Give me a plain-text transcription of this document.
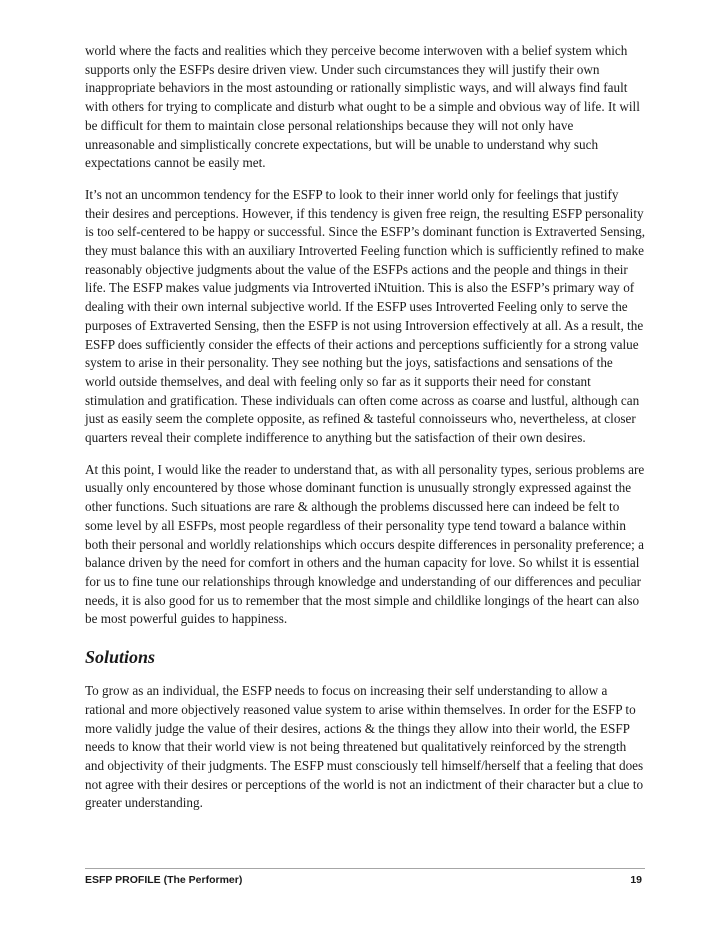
world where the facts and realities which they perceive become interwoven with a belief system which supports only the ESFPs desire driven view. Under such circumstances they will justify their own inappropriate behaviors in the most astounding or rationally simplistic ways, and will always find fault with others for trying to complicate and disturb what ought to be a simple and obvious way of life. It will be difficult for them to maintain close personal relationships because they will not only have unreasonable and simplistically concrete expectations, but will be unable to understand why such expectations cannot be easily met.

It’s not an uncommon tendency for the ESFP to look to their inner world only for feelings that justify their desires and perceptions. However, if this tendency is given free reign, the resulting ESFP personality is too self-centered to be happy or successful. Since the ESFP’s dominant function is Extraverted Sensing, they must balance this with an auxiliary Introverted Feeling function which is sufficiently refined to make reasonably objective judgments about the value of the ESFPs actions and the people and things in their life. The ESFP makes value judgments via Introverted iNtuition. This is also the ESFP’s primary way of dealing with their own internal subjective world. If the ESFP uses Introverted Feeling only to serve the purposes of Extraverted Sensing, then the ESFP is not using Introversion effectively at all. As a result, the ESFP does sufficiently consider the effects of their actions and perceptions sufficiently for a strong value system to arise in their personality. They see nothing but the joys, satisfactions and sensations of the world outside themselves, and deal with feeling only so far as it supports their need for constant stimulation and gratification. These individuals can often come across as coarse and lustful, although can just as easily seem the complete opposite, as refined & tasteful connoisseurs who, nevertheless, at closer quarters reveal their complete indifference to anything but the satisfaction of their own desires.

At this point, I would like the reader to understand that, as with all personality types, serious problems are usually only encountered by those whose dominant function is unusually strongly expressed against the other functions. Such situations are rare & although the problems discussed here can indeed be felt to some level by all ESFPs, most people regardless of their personality type tend toward a balance within both their personal and worldly relationships which occurs despite differences in personality preference; a balance driven by the need for comfort in others and the human capacity for love. So whilst it is essential for us to fine tune our relationships through knowledge and understanding of our differences and peculiar needs, it is also good for us to remember that the most simple and childlike longings of the heart can also be most powerful guides to happiness.

Solutions

To grow as an individual, the ESFP needs to focus on increasing their self understanding to allow a rational and more objectively reasoned value system to arise within themselves. In order for the ESFP to more validly judge the value of their desires, actions & the things they allow into their world, the ESFP needs to know that their world view is not being threatened but qualitatively reinforced by the strength and objectivity of their judgments. The ESFP must consciously tell himself/herself that a feeling that does not agree with their desires or perceptions of the world is not an indictment of their character but a clue to greater understanding.

ESFP PROFILE (The Performer)	19
